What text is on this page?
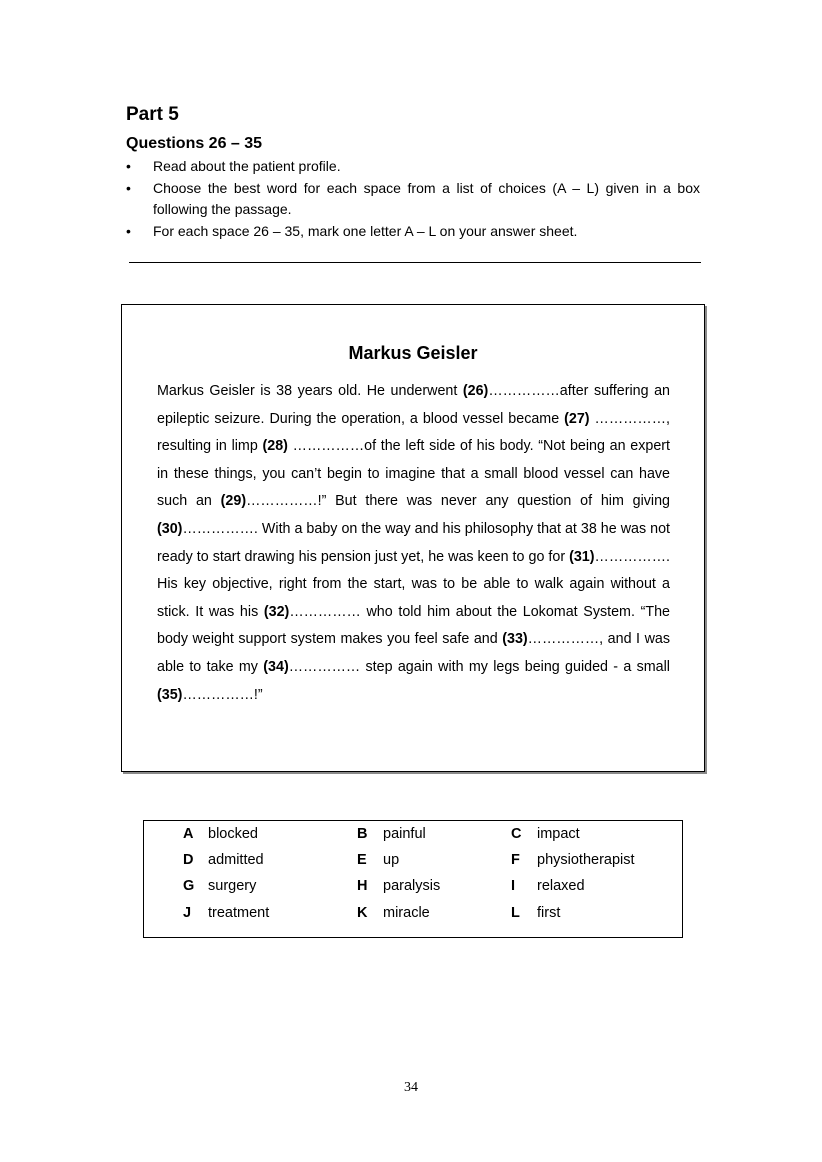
Part 5
Questions 26 – 35
• Read about the patient profile.
• Choose the best word for each space from a list of choices (A – L) given in a box following the passage.
• For each space 26 – 35, mark one letter A – L on your answer sheet.
Markus Geisler
Markus Geisler is 38 years old. He underwent (26)……………after suffering an epileptic seizure. During the operation, a blood vessel became (27) ……………, resulting in limp (28) ……………of the left side of his body. “Not being an expert in these things, you can’t begin to imagine that a small blood vessel can have such an (29)……………!” But there was never any question of him giving (30)……………. With a baby on the way and his philosophy that at 38 he was not ready to start drawing his pension just yet, he was keen to go for (31)……………. His key objective, right from the start, was to be able to walk again without a stick. It was his (32)…………… who told him about the Lokomat System. “The body weight support system makes you feel safe and (33)……………, and I was able to take my (34)…………… step again with my legs being guided - a small (35)……………!”
A blocked	B painful	C impact
D admitted	E up	F physiotherapist
G surgery	H paralysis	I relaxed
J treatment	K miracle	L first
34
